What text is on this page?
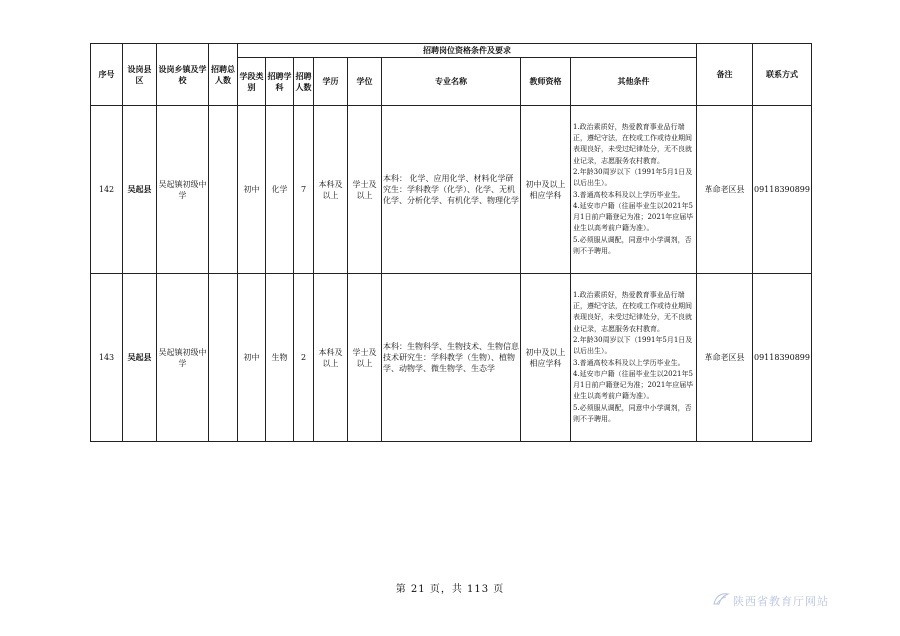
序号	设岗县区	设岗乡镇及学校	招聘总人数	招聘岗位资格条件及要求								备注	联系方式
				学段类别	招聘学科	招聘人数	学历	学位	专业名称	教师资格	其他条件		
142	吴起县	吴起镇初级中学		初中	化学	7	本科及以上	学士及以上	本科： 化学、应用化学、材料化学研究生：学科教学（化学）、化学、无机化学、分析化学、有机化学、物理化学	初中及以上相应学科	1.政治素质好，热爱教育事业品行端正，遵纪守法，在校或工作或待业期间表现良好，未受过纪律处分，无不良就业记录，志愿服务农村教育。
2.年龄30周岁以下（1991年5月1日及以后出生）。
3.普通高校本科及以上学历毕业生。
4.延安市户籍（往届毕业生以2021年5月1日前户籍登记为准；2021年应届毕业生以高考前户籍为准）。
5.必须服从调配，同意中小学调剂，否则不予聘用。	革命老区县	09118390899
143	吴起县	吴起镇初级中学		初中	生物	2	本科及以上	学士及以上	本科：生物科学、生物技术、生物信息技术研究生：学科教学（生物）、植物学、动物学、微生物学、生态学	初中及以上相应学科	1.政治素质好，热爱教育事业品行端正，遵纪守法，在校或工作或待业期间表现良好，未受过纪律处分，无不良就业记录，志愿服务农村教育。
2.年龄30周岁以下（1991年5月1日及以后出生）。
3.普通高校本科及以上学历毕业生。
4.延安市户籍（往届毕业生以2021年5月1日前户籍登记为准；2021年应届毕业生以高考前户籍为准）。
5.必须服从调配，同意中小学调剂，否则不予聘用。	革命老区县	09118390899
第 21 页，共 113 页
陕西省教育厅网站
